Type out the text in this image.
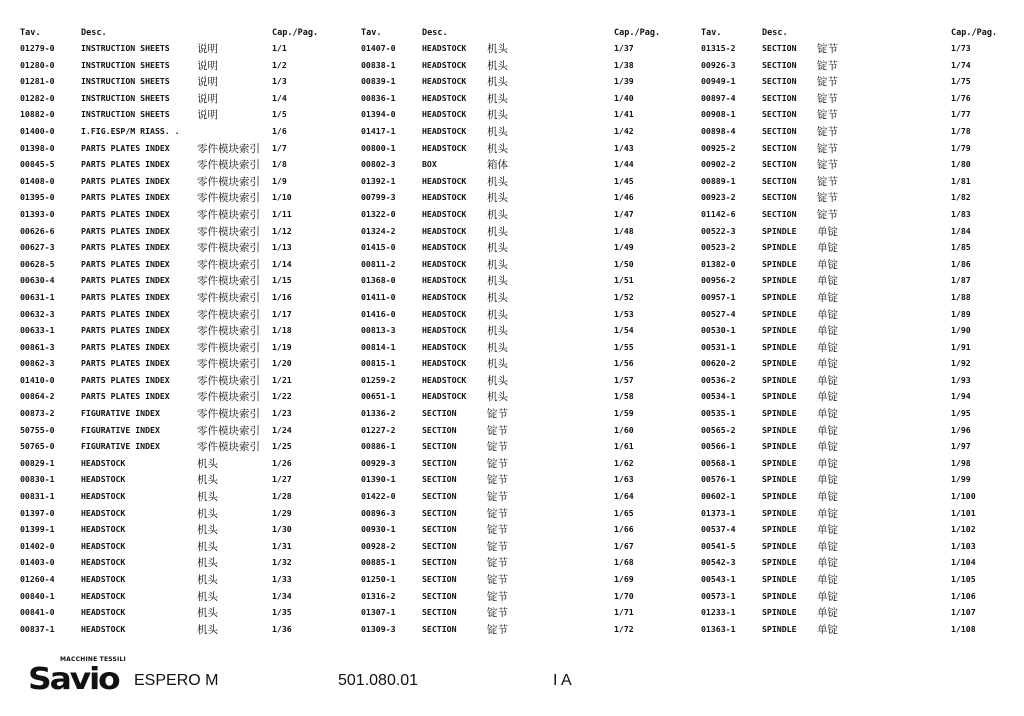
Tav.	Desc.	Cap./Pag.
01279-0	INSTRUCTION SHEETS	说明	1/1
01280-0	INSTRUCTION SHEETS	说明	1/2
01281-0	INSTRUCTION SHEETS	说明	1/3
01282-0	INSTRUCTION SHEETS	说明	1/4
10882-0	INSTRUCTION SHEETS	说明	1/5
01400-0	I.FIG.ESP/M RIASS. .	1/6
01398-0	PARTS PLATES INDEX	零件模块索引 1/7
00845-5	PARTS PLATES INDEX	零件模块索引 1/8
01408-0	PARTS PLATES INDEX	零件模块索引 1/9
01395-0	PARTS PLATES INDEX	零件模块索引 1/10
01393-0	PARTS PLATES INDEX	零件模块索引 1/11
00626-6	PARTS PLATES INDEX	零件模块索引 1/12
00627-3	PARTS PLATES INDEX	零件模块索引 1/13
00628-5	PARTS PLATES INDEX	零件模块索引 1/14
00630-4	PARTS PLATES INDEX	零件模块索引 1/15
00631-1	PARTS PLATES INDEX	零件模块索引 1/16
00632-3	PARTS PLATES INDEX	零件模块索引 1/17
00633-1	PARTS PLATES INDEX	零件模块索引 1/18
00861-3	PARTS PLATES INDEX	零件模块索引 1/19
00862-3	PARTS PLATES INDEX	零件模块索引 1/20
01410-0	PARTS PLATES INDEX	零件模块索引 1/21
00864-2	PARTS PLATES INDEX	零件模块索引 1/22
00873-2	FIGURATIVE INDEX	零件模块索引 1/23
50755-0	FIGURATIVE INDEX	零件模块索引 1/24
50765-0	FIGURATIVE INDEX	零件模块索引 1/25
00829-1	HEADSTOCK	机头	1/26
00830-1	HEADSTOCK	机头	1/27
00831-1	HEADSTOCK	机头	1/28
01397-0	HEADSTOCK	机头	1/29
01399-1	HEADSTOCK	机头	1/30
01402-0	HEADSTOCK	机头	1/31
01403-0	HEADSTOCK	机头	1/32
01260-4	HEADSTOCK	机头	1/33
00840-1	HEADSTOCK	机头	1/34
00841-0	HEADSTOCK	机头	1/35
00837-1	HEADSTOCK	机头	1/36
Tav.	Desc.	Cap./Pag.
01407-0	HEADSTOCK 机头	1/37
00838-1	HEADSTOCK 机头	1/38
00839-1	HEADSTOCK 机头	1/39
00836-1	HEADSTOCK 机头	1/40
01394-0	HEADSTOCK 机头	1/41
01417-1	HEADSTOCK 机头	1/42
00800-1	HEADSTOCK 机头	1/43
00802-3	BOX	箱体	1/44
01392-1	HEADSTOCK 机头	1/45
00799-3	HEADSTOCK 机头	1/46
01322-0	HEADSTOCK 机头	1/47
01324-2	HEADSTOCK 机头	1/48
01415-0	HEADSTOCK 机头	1/49
00811-2	HEADSTOCK 机头	1/50
01368-0	HEADSTOCK 机头	1/51
01411-0	HEADSTOCK 机头	1/52
01416-0	HEADSTOCK 机头	1/53
00813-3	HEADSTOCK 机头	1/54
00814-1	HEADSTOCK 机头	1/55
00815-1	HEADSTOCK 机头	1/56
01259-2	HEADSTOCK 机头	1/57
00651-1	HEADSTOCK 机头	1/58
01336-2	SECTION	锭节	1/59
01227-2	SECTION	锭节	1/60
00886-1	SECTION	锭节	1/61
00929-3	SECTION	锭节	1/62
01390-1	SECTION	锭节	1/63
01422-0	SECTION	锭节	1/64
00896-3	SECTION	锭节	1/65
00930-1	SECTION	锭节	1/66
00928-2	SECTION	锭节	1/67
00885-1	SECTION	锭节	1/68
01250-1	SECTION	锭节	1/69
01316-2	SECTION	锭节	1/70
01307-1	SECTION	锭节	1/71
01309-3	SECTION	锭节	1/72
Tav.	Desc.	Cap./Pag.
01315-2	SECTION 锭节	1/73
00926-3	SECTION 锭节	1/74
00949-1	SECTION 锭节	1/75
00897-4	SECTION 锭节	1/76
00908-1	SECTION 锭节	1/77
00898-4	SECTION 锭节	1/78
00925-2	SECTION 锭节	1/79
00902-2	SECTION 锭节	1/80
00889-1	SECTION 锭节	1/81
00923-2	SECTION 锭节	1/82
01142-6	SECTION 锭节	1/83
00522-3	SPINDLE 单锭	1/84
00523-2	SPINDLE 单锭	1/85
01382-0	SPINDLE 单锭	1/86
00956-2	SPINDLE 单锭	1/87
00957-1	SPINDLE 单锭	1/88
00527-4	SPINDLE 单锭	1/89
00530-1	SPINDLE 单锭	1/90
00531-1	SPINDLE 单锭	1/91
00620-2	SPINDLE 单锭	1/92
00536-2	SPINDLE 单锭	1/93
00534-1	SPINDLE 单锭	1/94
00535-1	SPINDLE 单锭	1/95
00565-2	SPINDLE 单锭	1/96
00566-1	SPINDLE 单锭	1/97
00568-1	SPINDLE 单锭	1/98
00576-1	SPINDLE 单锭	1/99
00602-1	SPINDLE 单锭	1/100
01373-1	SPINDLE 单锭	1/101
00537-4	SPINDLE 单锭	1/102
00541-5	SPINDLE 单锭	1/103
00542-3	SPINDLE 单锭	1/104
00543-1	SPINDLE 单锭	1/105
00573-1	SPINDLE 单锭	1/106
01233-1	SPINDLE 单锭	1/107
01363-1	SPINDLE 单锭	1/108
MACCHINE TESSILI
Savio ESPERO M	501.080.01	I A
